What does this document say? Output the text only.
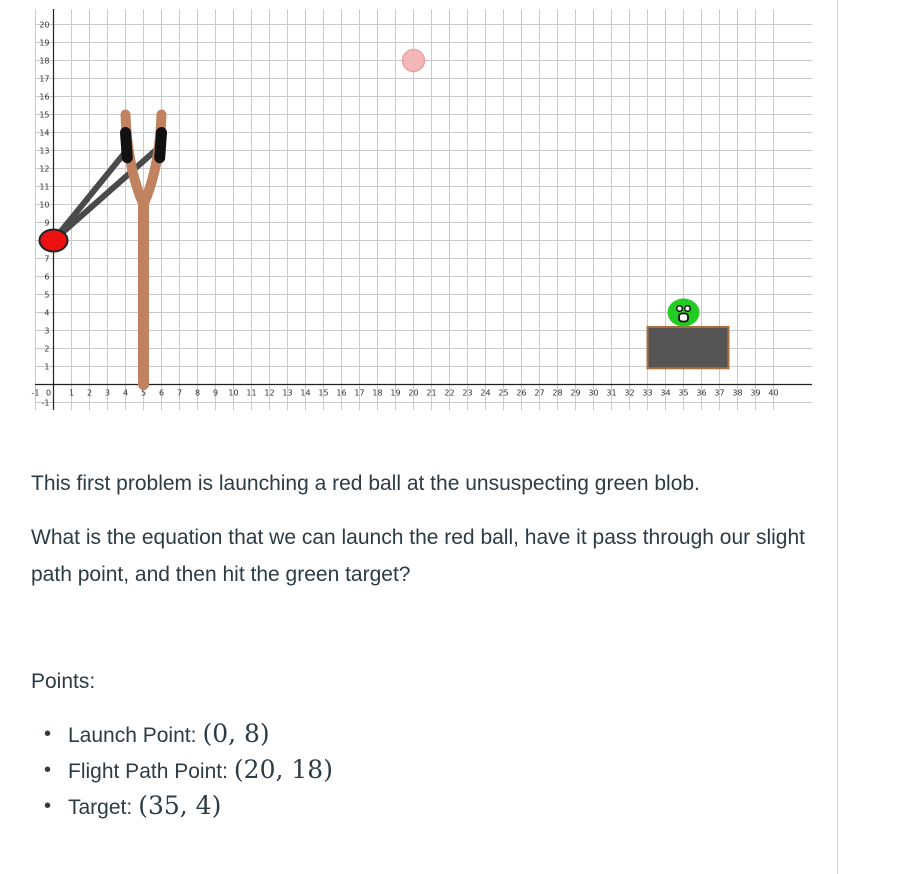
-1 0 1 2 3 4 5 6 7 8 9 10 11 12 13 14 15 16 17 18 19 20 21 22 23 24 25 26 27 28 29 30 31 32 33 34 35 36 37 38 39 40
-1
1
2
3
4
5
6
7
9
10
11
12
13
14
15
16
17
18
19
20

This first problem is launching a red ball at the unsuspecting green blob.

What is the equation that we can launch the red ball, have it pass through our slight path point, and then hit the green target?

Points:

• Launch Point: (0, 8)
• Flight Path Point: (20, 18)
• Target: (35, 4)
